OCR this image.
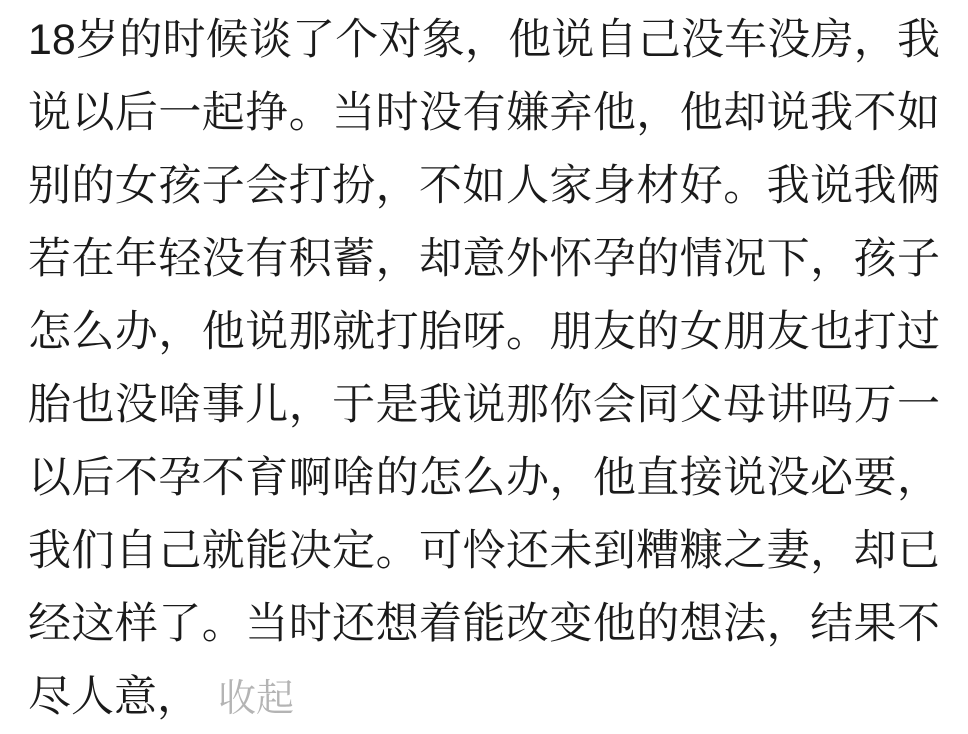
18岁的时候谈了个对象，他说自己没车没房，我
说以后一起挣。当时没有嫌弃他，他却说我不如
别的女孩子会打扮，不如人家身材好。我说我俩
若在年轻没有积蓄，却意外怀孕的情况下，孩子
怎么办，他说那就打胎呀。朋友的女朋友也打过
胎也没啥事儿，于是我说那你会同父母讲吗万一
以后不孕不育啊啥的怎么办，他直接说没必要，
我们自己就能决定。可怜还未到糟糠之妻，却已
经这样了。当时还想着能改变他的想法，结果不
尽人意， 收起
